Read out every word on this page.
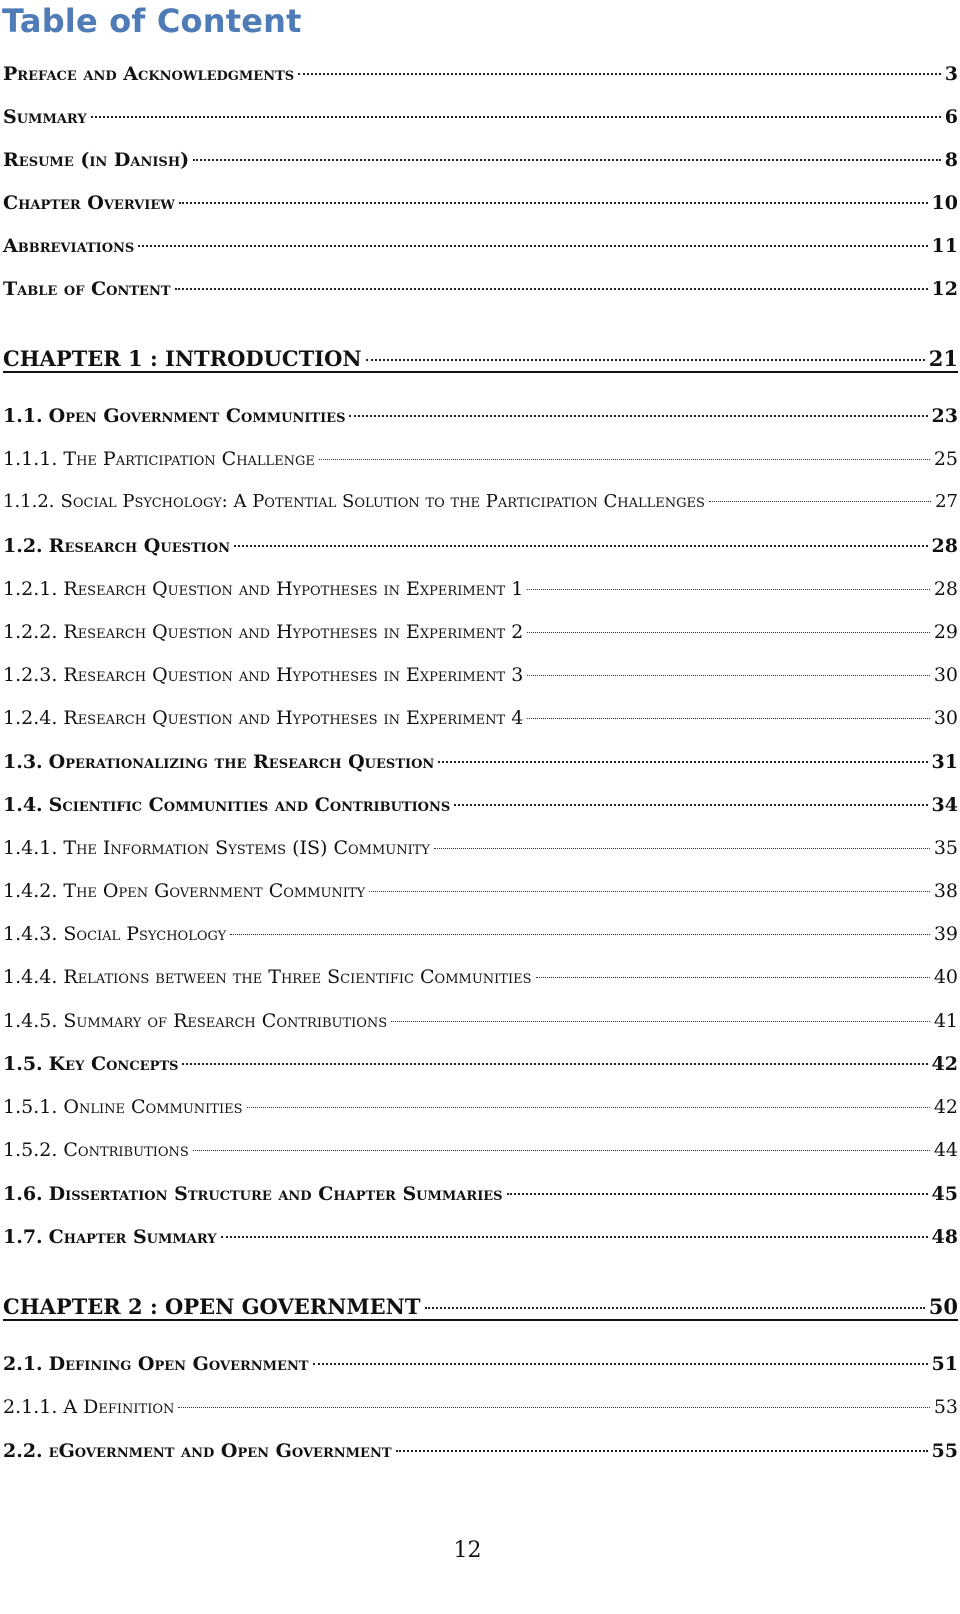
Table of Content
Preface and Acknowledgments	3
Summary	6
Resume (in Danish)	8
Chapter Overview	10
Abbreviations	11
Table of Content	12
CHAPTER 1 : INTRODUCTION	21
1.1. Open Government Communities	23
1.1.1. The Participation Challenge	25
1.1.2. Social Psychology: A Potential Solution to the Participation Challenges	27
1.2. Research Question	28
1.2.1. Research Question and Hypotheses in Experiment 1	28
1.2.2. Research Question and Hypotheses in Experiment 2	29
1.2.3. Research Question and Hypotheses in Experiment 3	30
1.2.4. Research Question and Hypotheses in Experiment 4	30
1.3. Operationalizing the Research Question	31
1.4. Scientific Communities and Contributions	34
1.4.1. The Information Systems (IS) Community	35
1.4.2. The Open Government Community	38
1.4.3. Social Psychology	39
1.4.4. Relations between the Three Scientific Communities	40
1.4.5. Summary of Research Contributions	41
1.5. Key Concepts	42
1.5.1. Online Communities	42
1.5.2. Contributions	44
1.6. Dissertation Structure and Chapter Summaries	45
1.7. Chapter Summary	48
CHAPTER 2 : OPEN GOVERNMENT	50
2.1. Defining Open Government	51
2.1.1. A Definition	53
2.2. eGovernment and Open Government	55
12
